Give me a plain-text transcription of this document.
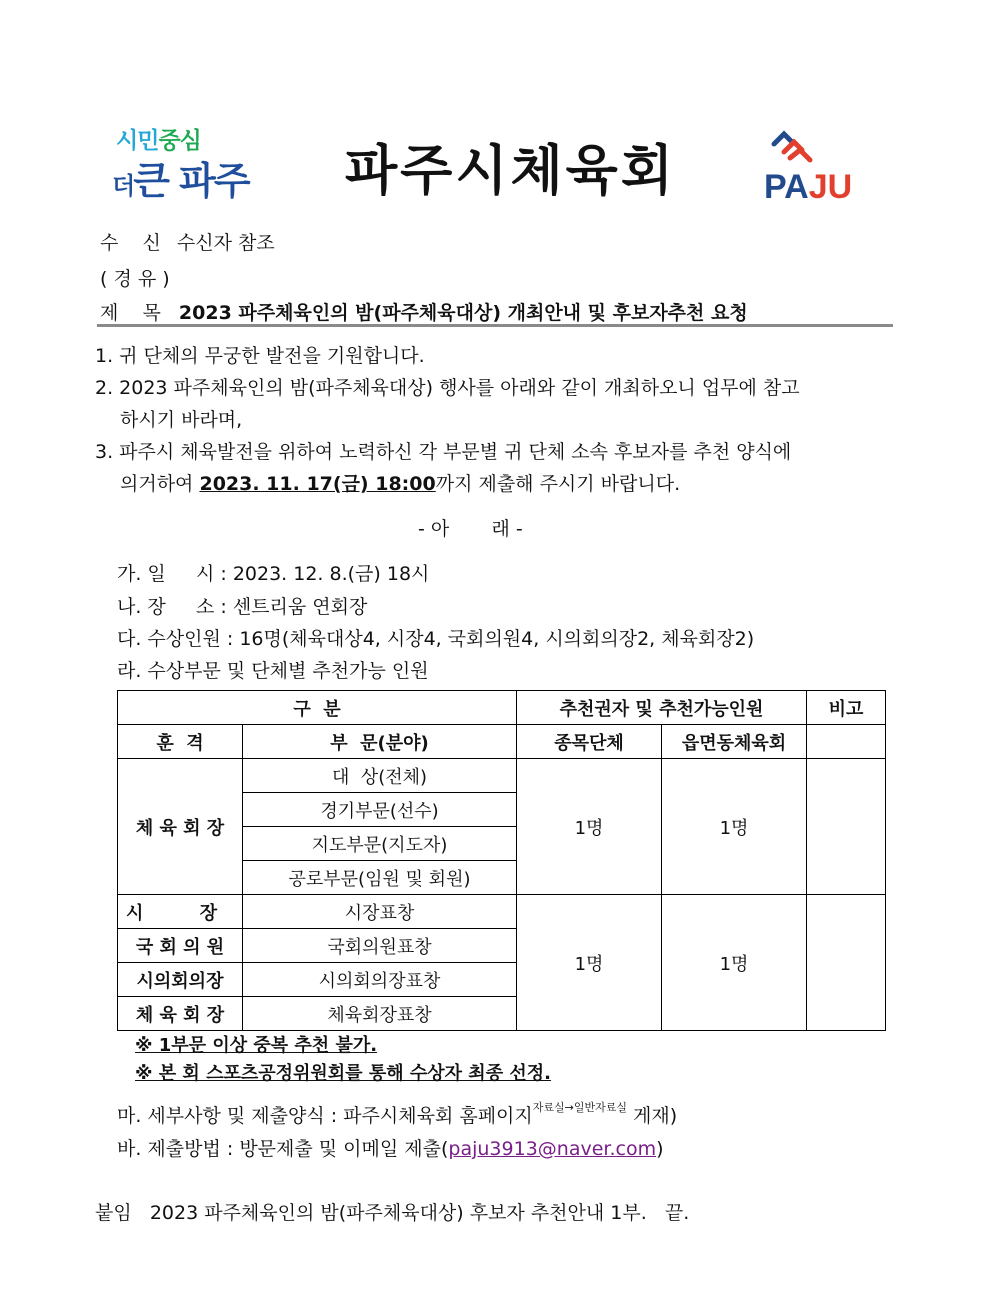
시민중심
더큰 파주 파주시체육회	PAJU
수    신 수신자 참조
( 경 유 )
제    목 2023 파주체육인의 밤(파주체육대상) 개최안내 및 후보자추천 요청
1. 귀 단체의 무궁한 발전을 기원합니다.
2. 2023 파주체육인의 밤(파주체육대상) 행사를 아래와 같이 개최하오니 업무에 참고
하시기 바라며,
3. 파주시 체육발전을 위하여 노력하신 각 부문별 귀 단체 소속 후보자를 추천 양식에
의거하여 2023. 11. 17(금) 18:00까지 제출해 주시기 바랍니다.
- 아       래 -
가. 일     시 : 2023. 12. 8.(금) 18시
나. 장     소 : 센트리움 연회장
다. 수상인원 : 16명(체육대상4, 시장4, 국회의원4, 시의회의장2, 체육회장2)
라. 수상부문 및 단체별 추천가능 인원
구  분		추천권자 및 추천가능인원		비고
훈  격	부  문(분야)	종목단체	읍면동체육회	
체 육 회 장	대  상(전체)	1명	1명	
	경기부문(선수)			
	지도부문(지도자)			
	공로부문(임원 및 회원)			
시         장	시장표창	1명	1명	
국 회 의 원	국회의원표창			
시의회의장	시의회의장표창			
체 육 회 장	체육회장표창			
※ 1부문 이상 중복 추천 불가.
※ 본 회 스포츠공정위원회를 통해 수상자 최종 선정.
마. 세부사항 및 제출양식 : 파주시체육회 홈페이지$^{자료실\to 일반자료실}$ 게재)
바. 제출방법 : 방문제출 및 이메일 제출(paju3913@naver.com)
붙임   2023 파주체육인의 밤(파주체육대상) 후보자 추천안내 1부.   끝.
